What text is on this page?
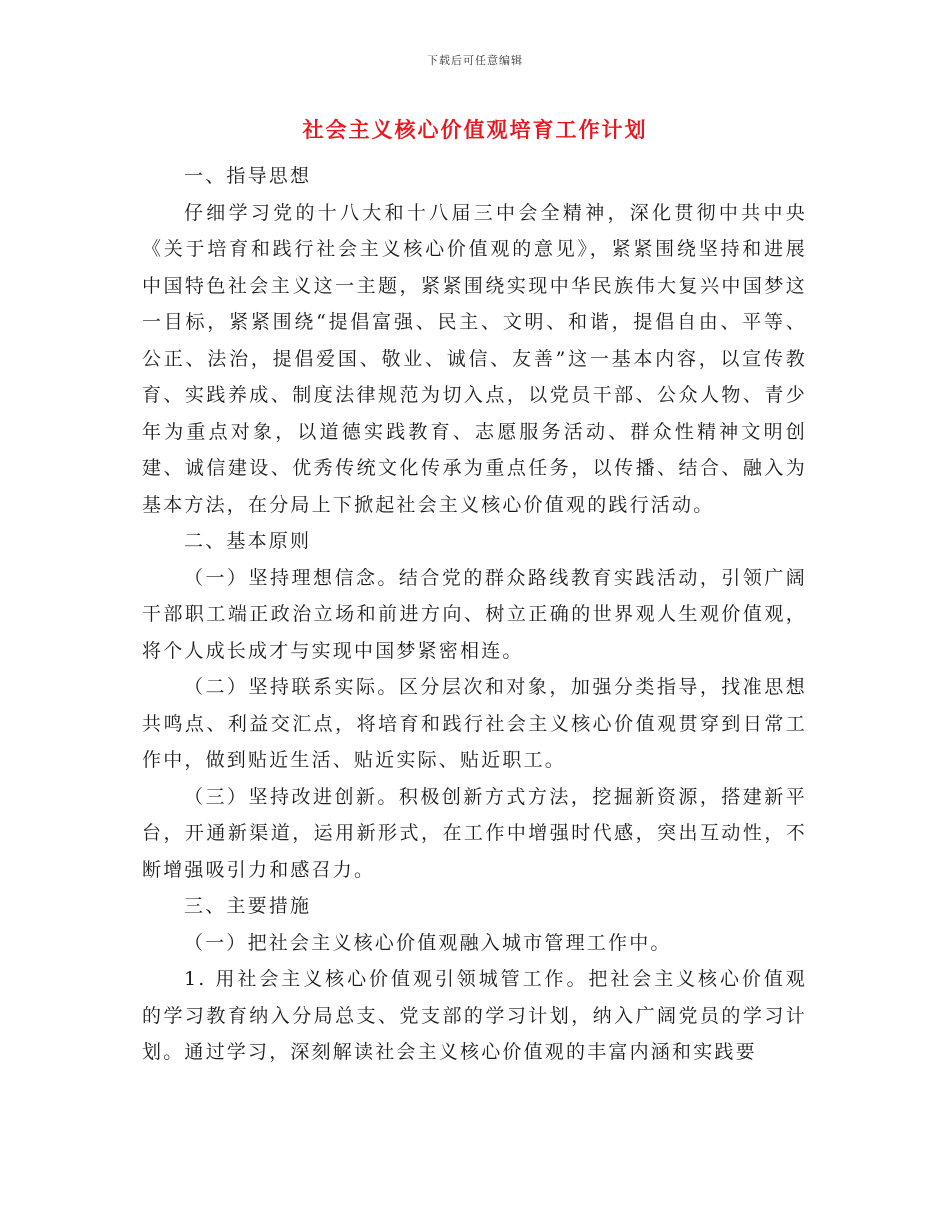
下载后可任意编辑
社会主义核心价值观培育工作计划

一、指导思想

仔细学习党的十八大和十八届三中会全精神，深化贯彻中共中央《关于培育和践行社会主义核心价值观的意见》，紧紧围绕坚持和进展中国特色社会主义这一主题，紧紧围绕实现中华民族伟大复兴中国梦这一目标，紧紧围绕“提倡富强、民主、文明、和谐，提倡自由、平等、公正、法治，提倡爱国、敬业、诚信、友善”这一基本内容，以宣传教育、实践养成、制度法律规范为切入点，以党员干部、公众人物、青少年为重点对象，以道德实践教育、志愿服务活动、群众性精神文明创建、诚信建设、优秀传统文化传承为重点任务，以传播、结合、融入为基本方法，在分局上下掀起社会主义核心价值观的践行活动。

二、基本原则

（一）坚持理想信念。结合党的群众路线教育实践活动，引领广阔干部职工端正政治立场和前进方向、树立正确的世界观人生观价值观，将个人成长成才与实现中国梦紧密相连。

（二）坚持联系实际。区分层次和对象，加强分类指导，找准思想共鸣点、利益交汇点，将培育和践行社会主义核心价值观贯穿到日常工作中，做到贴近生活、贴近实际、贴近职工。

（三）坚持改进创新。积极创新方式方法，挖掘新资源，搭建新平台，开通新渠道，运用新形式，在工作中增强时代感，突出互动性，不断增强吸引力和感召力。

三、主要措施

（一）把社会主义核心价值观融入城市管理工作中。

1. 用社会主义核心价值观引领城管工作。把社会主义核心价值观的学习教育纳入分局总支、党支部的学习计划，纳入广阔党员的学习计划。通过学习，深刻解读社会主义核心价值观的丰富内涵和实践要
